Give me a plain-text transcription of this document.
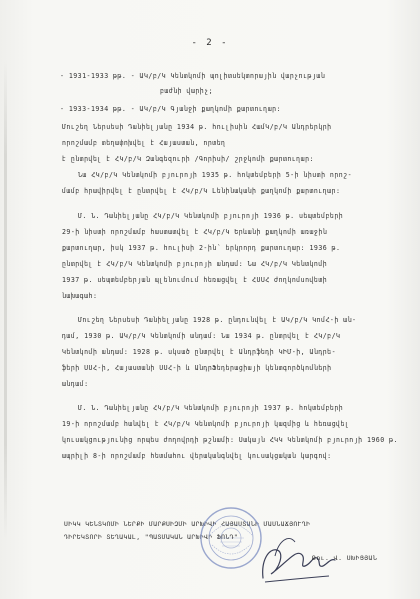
- 2 -
- 1931-1933 թթ. - ԱԿ/բ/Կ Կենտկոմի պոլիտսեկտորային վարչության
բաժնի վարիչ;
- 1933-1934 թթ. - ԱԿ/բ/Կ Գյանջի քաղկոմի քարտուղար:
Մուշեղ Ներսեսի Դանիելյանը 1934 թ. հուլիսին ՀամԿ/բ/Կ Անդրերկրի
որոշմամբ տեղափոխվել է Հայաստան, որտեղ
է ընտրվել է ՀԿ/բ/Կ Զանգեզուրի /Գորիսի/ շրջկոմի քարտուղար:
Նա ՀԿ/բ/Կ Կենտկոմի բյուրոյի 1935 թ. հոկտեմբերի 5-ի նիստի որոշ-
մամբ հրավիրվել է ընտրվել է ՀԿ/բ/Կ Լենինականի քաղկոմի քարտուղար:
Մ. Ն. Դանիելյանը ՀԿ/բ/Կ Կենտկոմի բյուրոյի 1936 թ. սեպտեմբերի
29-ի նիստի որոշմամբ հաստատվել է ՀԿ/բ/Կ Երևանի քաղկոմի առաջին
քարտուղար, իսկ 1937 թ. հուլիսի 2-ին՝ երկրորդ քարտուղար: 1936 թ.
ընտրվել է ՀԿ/բ/Կ Կենտկոմի բյուրոյի անդամ: Նա ՀԿ/բ/Կ Կենտկոմի
1937 թ. սեպտեմբերյան պլենումում հեռացվել է ՀՍՍՀ ժողկոմսովետի
նախագահ:
Մուշեղ Ներսեսի Դանիելյանը 1928 թ. ընդունվել է ԱԿ/բ/Կ ԿոմՀ-ի ան-
դամ, 1930 թ. ԱԿ/բ/Կ Կենտկոմի անդամ: Նա 1934 թ. ընտրվել է ՀԿ/բ/Կ
Կենտկոմի անդամ: 1928 թ. սկսած ընտրվել է Անդրֆեդի ԿԻՄ-ի, Անդրե-
ֆերի ՍՍՀ-ի, Հայաստանի ՍՍՀ-ի և ԱնդրՖեդերացիայի կենտգործկոմների
անդամ:
Մ. Ն. Դանիելյանը ՀԿ/բ/Կ Կենտկոմի բյուրոյի 1937 թ. հոկտեմբերի
19-ի որոշմամբ հանվել է ՀԿ/բ/Կ Կենտկոմի բյուրոյի կազմից և հեռացվել
կուսակցությունից որպես ժողովրդի թշնամի: Սակայն ՀԿԿ Կենտկոմի բյուրոյի 1960 թ.
ապրիլի 8-ի որոշմամբ հետմահու վերականգնվել կուսակցական կարգով:
ՍԻԿԿ ԿԵՆՏԿՈՄԻ ՆԵՐՔԻ ՄԱՐՔՍԻԶՄԻ ԱՐԽԻՎԻ ՀԱՅԱՍՏԱՆԻ ՄԱՍՆԱՃՅՈՒՂԻ
ԴԻՐԵԿՏՈՐԻ ՏԵՂԱԿԱԼ, "ՊԱՏՄԱԿԱՆ ԱՐԽԻՎԻ ՖՈՆԴ"
Թու. Վ. ՍԽԻՑՅԱՆ
